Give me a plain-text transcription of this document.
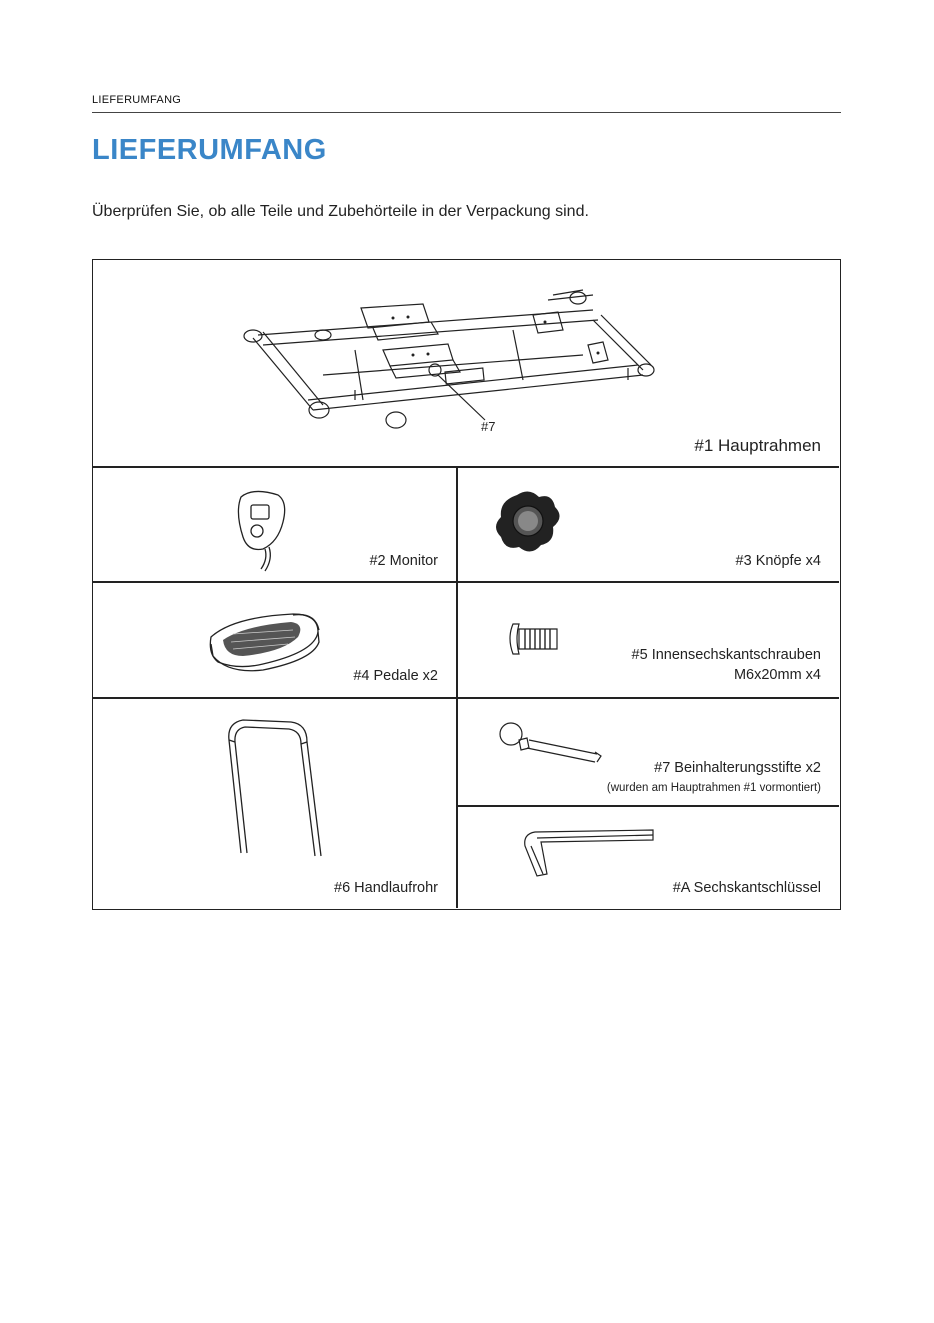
LIEFERUMFANG
LIEFERUMFANG

Überprüfen Sie, ob alle Teile und Zubehörteile in der Verpackung sind.

#7
#1 Hauptrahmen
#2 Monitor	#3 Knöpfe x4
#4 Pedale x2
#5 Innensechskantschrauben
M6x20mm x4
#6 Handlaufrohr
#7 Beinhalterungsstifte x2
(wurden am Hauptrahmen #1 vormontiert)
#A Sechskantschlüssel
